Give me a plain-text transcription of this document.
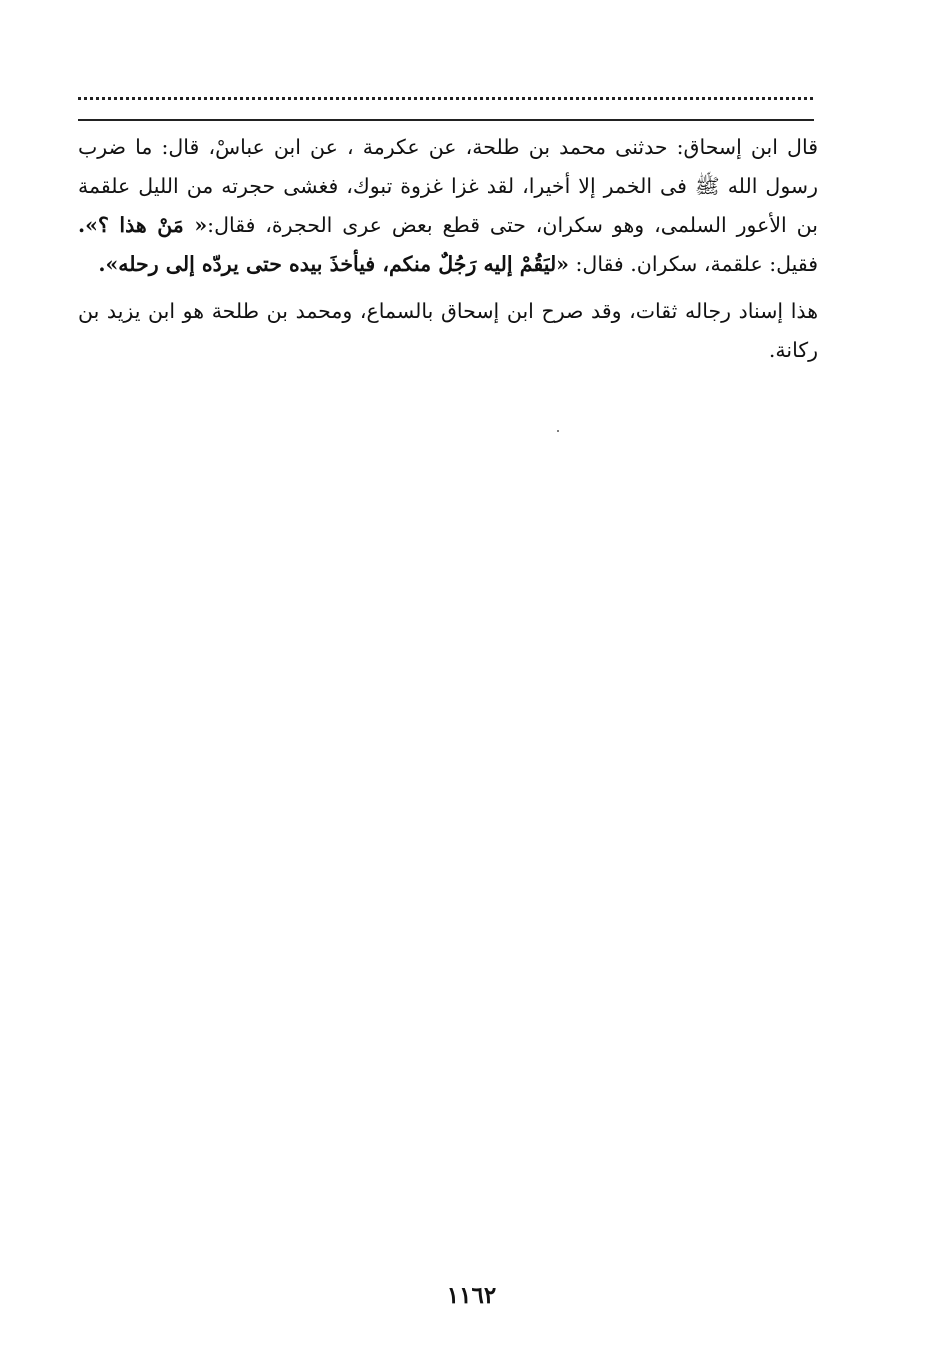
قال ابن إسحاق: حدثنى محمد بن طلحة، عن عكرمة ، عن ابن عباسْ، قال: ما ضرب رسول الله ﷺ فى الخمر إلا أخيرا، لقد غزا غزوة تبوك، فغشى حجرته من الليل علقمة بن الأعور السلمى، وهو سكران، حتى قطع بعض عرى الحجرة، فقال:« مَنْ هذا ؟». فقيل: علقمة، سكران. فقال: «ليَقُمْ إليه رَجُلٌ منكم، فيأخذَ بيده حتى يردّه إلى رحله».

هذا إسناد رجاله ثقات، وقد صرح ابن إسحاق بالسماع، ومحمد بن طلحة هو ابن يزيد بن ركانة.

١١٦٢
